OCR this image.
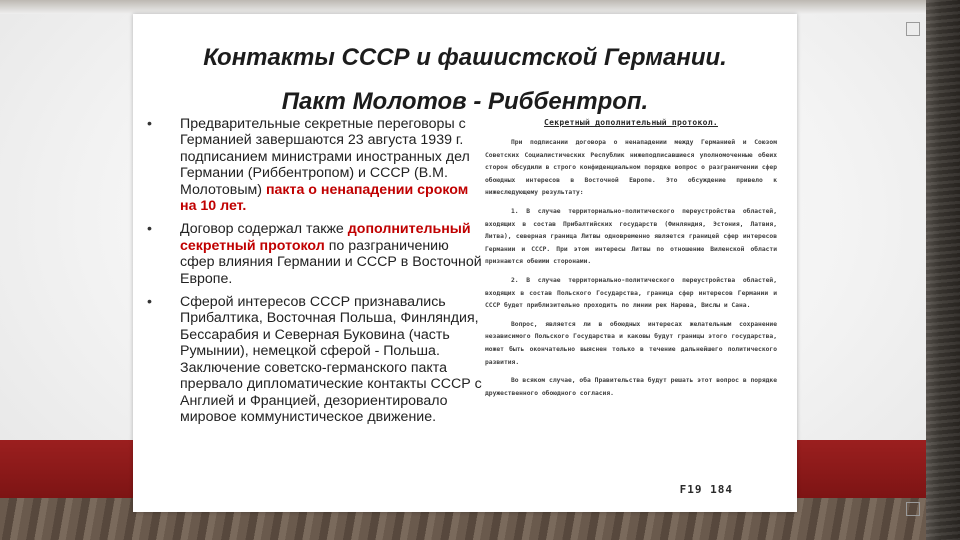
Контакты СССР и фашистской Германии.
Пакт Молотов - Риббентроп.
•	Предварительные секретные переговоры с Германией завершаются 23 августа 1939 г. подписанием министрами иностранных дел Германии (Риббентропом) и СССР (В.М. Молотовым) пакта о ненападении сроком на 10 лет.
•	Договор содержал также дополнительный секретный протокол по разграничению сфер влияния Германии и СССР в Восточной Европе.
•	Сферой интересов СССР признавались Прибалтика, Восточная Польша, Финляндия, Бессарабия и Северная Буковина (часть Румынии), немецкой сферой - Польша. Заключение советско-германского пакта прервало дипломатические контакты СССР с Англией и Францией, дезориентировало мировое коммунистическое движение.
Секретный дополнительный протокол.

При подписании договора о ненападении между Германией и Союзом Советских Социалистических Республик нижеподписавшиеся уполномоченные обеих сторон обсудили в строго конфиденциальном порядке вопрос о разграничении сфер обоюдных интересов в Восточной Европе. Это обсуждение привело к нижеследующему результату:

1. В случае территориально-политического переустройства областей, входящих в состав Прибалтийских государств (Финляндия, Эстония, Латвия, Литва), северная граница Литвы одновременно является границей сфер интересов Германии и СССР. При этом интересы Литвы по отношению Виленской области признаются обеими сторонами.

2. В случае территориально-политического переустройства областей, входящих в состав Польского Государства, граница сфер интересов Германии и СССР будет приблизительно проходить по линии рек Нарева, Вислы и Сана.

Вопрос, является ли в обоюдных интересах желательным сохранение независимого Польского Государства и каковы будут границы этого государства, может быть окончательно выяснен только в течение дальнейшего политического развития.

Во всяком случае, оба Правительства будут решать этот вопрос в порядке дружественного обоюдного согласия.

F19 184
